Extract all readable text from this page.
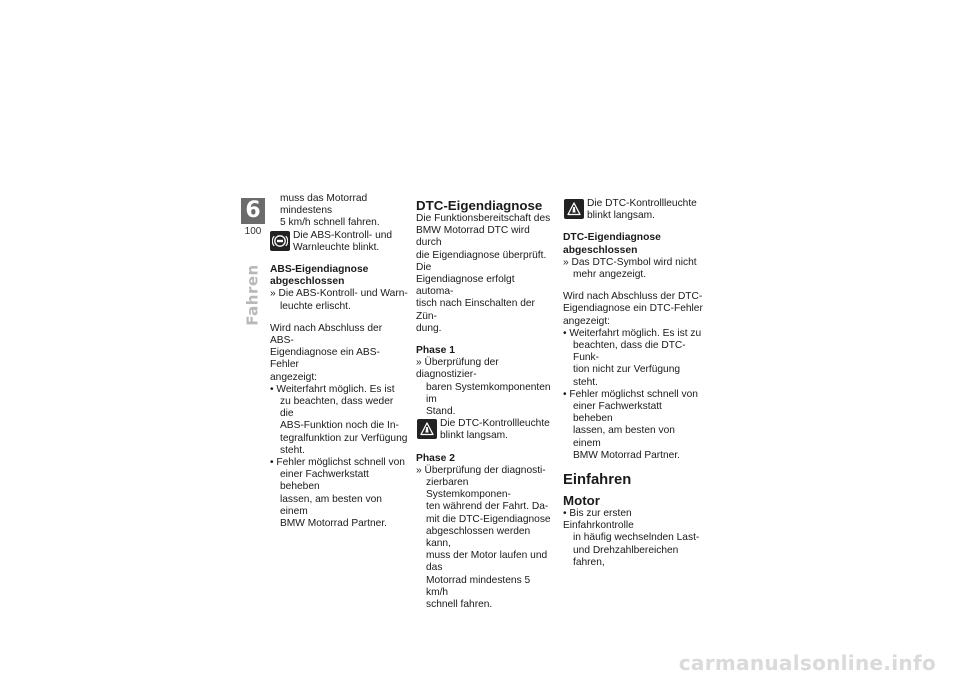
6
100
Fahren

muss das Motorrad mindestens

5 km/h schnell fahren.

Die ABS-Kontroll- und

Warnleuchte blinkt.

ABS-Eigendiagnose

abgeschlossen

» Die ABS-Kontroll- und Warn-

leuchte erlischt.

Wird nach Abschluss der ABS-

Eigendiagnose ein ABS-Fehler

angezeigt:

• Weiterfahrt möglich. Es ist

zu beachten, dass weder die

ABS-Funktion noch die In-

tegralfunktion zur Verfügung

steht.

• Fehler möglichst schnell von

einer Fachwerkstatt beheben

lassen, am besten von einem

BMW Motorrad Partner.

DTC-Eigendiagnose

Die Funktionsbereitschaft des

BMW Motorrad DTC wird durch

die Eigendiagnose überprüft. Die

Eigendiagnose erfolgt automa-

tisch nach Einschalten der Zün-

dung.

Phase 1

» Überprüfung der diagnostizier-

baren Systemkomponenten im

Stand.

Die DTC-Kontrollleuchte

blinkt langsam.

Phase 2

» Überprüfung der diagnosti-

zierbaren Systemkomponen-

ten während der Fahrt. Da-

mit die DTC-Eigendiagnose

abgeschlossen werden kann,

muss der Motor laufen und das

Motorrad mindestens 5 km/h

schnell fahren.

Die DTC-Kontrollleuchte

blinkt langsam.

DTC-Eigendiagnose

abgeschlossen

» Das DTC-Symbol wird nicht

mehr angezeigt.

Wird nach Abschluss der DTC-

Eigendiagnose ein DTC-Fehler

angezeigt:

• Weiterfahrt möglich. Es ist zu

beachten, dass die DTC-Funk-

tion nicht zur Verfügung steht.

• Fehler möglichst schnell von

einer Fachwerkstatt beheben

lassen, am besten von einem

BMW Motorrad Partner.

Einfahren

Motor

• Bis zur ersten Einfahrkontrolle

in häufig wechselnden Last-

und Drehzahlbereichen fahren,

carmanualsonline.info
